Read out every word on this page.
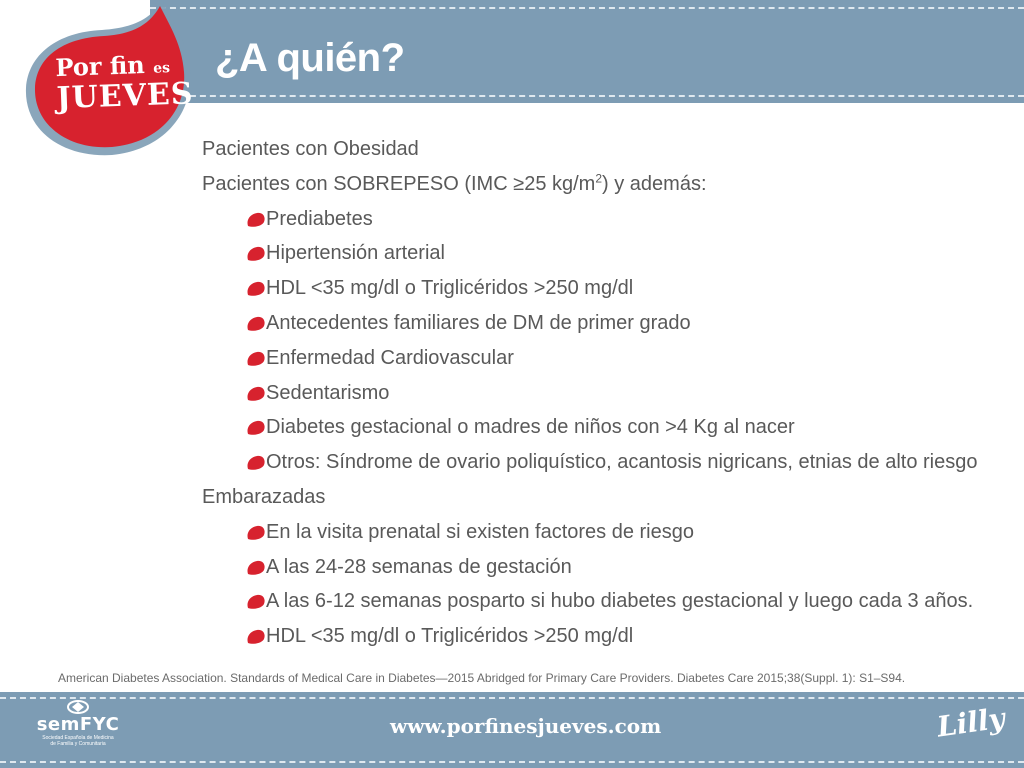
Por fin es
JUEVES
¿A quién?
Pacientes con Obesidad
Pacientes con SOBREPESO (IMC ≥25 $kg/m^2$) y además:
Prediabetes
Hipertensión arterial
HDL <35 mg/dl o Triglicéridos >250 mg/dl
Antecedentes familiares de DM de primer grado
Enfermedad Cardiovascular
Sedentarismo
Diabetes gestacional o madres de niños con >4 Kg al nacer
Otros: Síndrome de ovario poliquístico, acantosis nigricans, etnias de alto riesgo
Embarazadas
En la visita prenatal si existen factores de riesgo
A las 24-28 semanas de gestación
A las 6-12 semanas posparto si hubo diabetes gestacional y luego cada 3 años.
HDL <35 mg/dl o Triglicéridos >250 mg/dl

American Diabetes Association. Standards of Medical Care in Diabetes—2015 Abridged for Primary Care Providers. Diabetes Care 2015;38(Suppl. 1): S1–S94.

semFYC
Sociedad Española de Medicina
de Familia y Comunitaria
www.porfinesjueves.com	Lilly
